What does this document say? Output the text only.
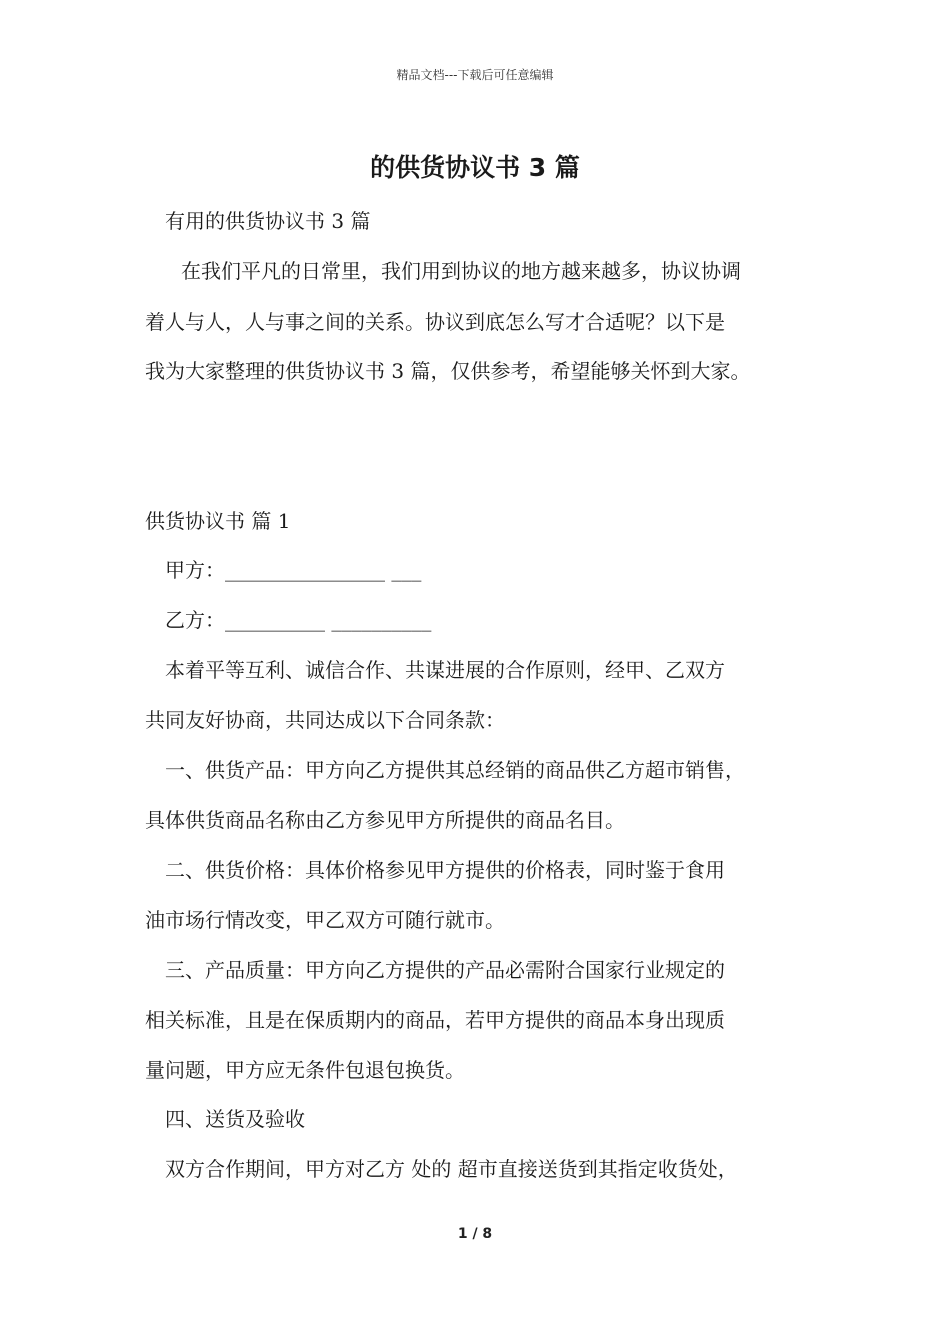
精品文档---下载后可任意编辑
的供货协议书 3 篇
有用的供货协议书 3 篇
在我们平凡的日常里，我们用到协议的地方越来越多，协议协调
着人与人，人与事之间的关系。协议到底怎么写才合适呢？以下是
我为大家整理的供货协议书 3 篇，仅供参考，希望能够关怀到大家。
供货协议书 篇 1
甲方：________________ ___
乙方：__________ __________
本着平等互利、诚信合作、共谋进展的合作原则，经甲、乙双方
共同友好协商，共同达成以下合同条款：
一、供货产品：甲方向乙方提供其总经销的商品供乙方超市销售，
具体供货商品名称由乙方参见甲方所提供的商品名目。
二、供货价格：具体价格参见甲方提供的价格表，同时鉴于食用
油市场行情改变，甲乙双方可随行就市。
三、产品质量：甲方向乙方提供的产品必需附合国家行业规定的
相关标准，且是在保质期内的商品，若甲方提供的商品本身出现质
量问题，甲方应无条件包退包换货。
四、送货及验收
双方合作期间，甲方对乙方 处的 超市直接送货到其指定收货处，
1 / 8
